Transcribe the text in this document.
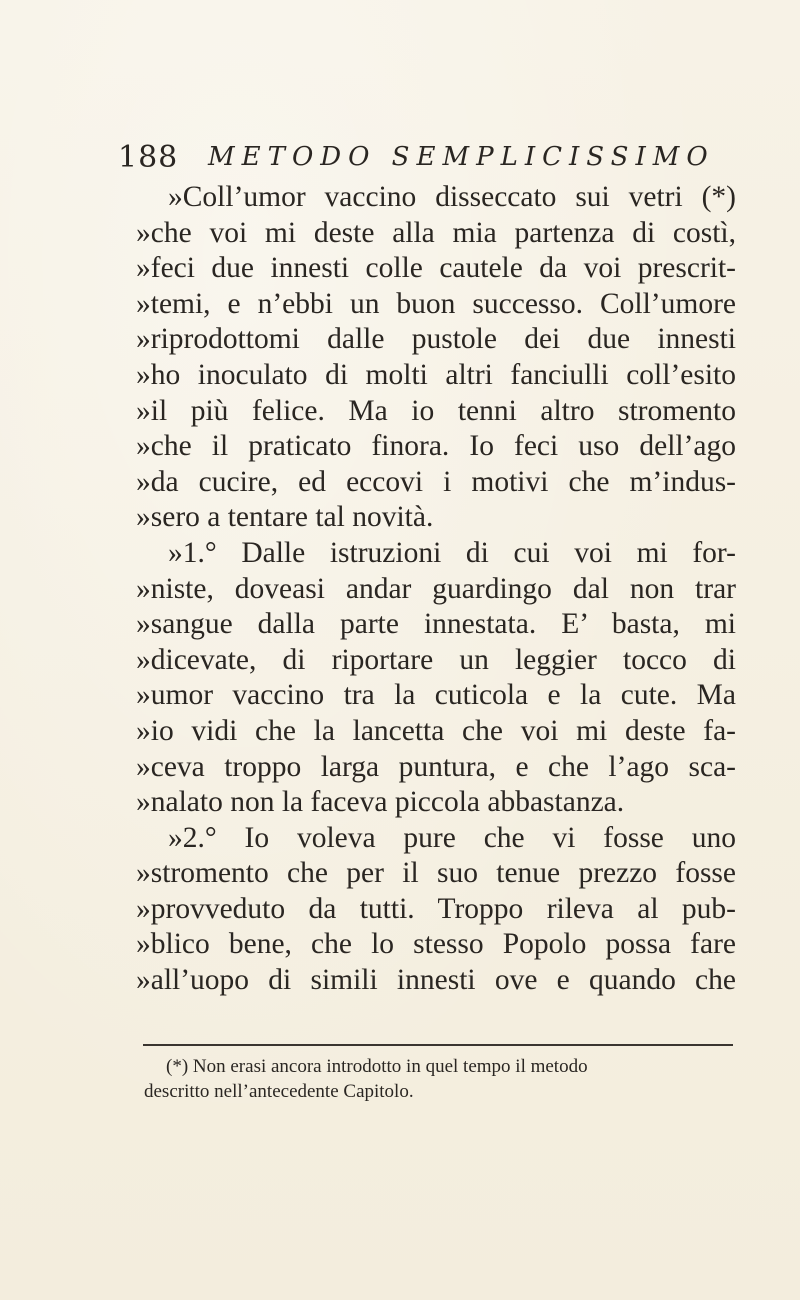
188 METODO SEMPLICISSIMO
»Coll’umor vaccino disseccato sui vetri (*)
»che voi mi deste alla mia partenza di costì,
»feci due innesti colle cautele da voi prescrit-
»temi, e n’ebbi un buon successo. Coll’umore
»riprodottomi dalle pustole dei due innesti
»ho inoculato di molti altri fanciulli coll’esito
»il più felice. Ma io tenni altro stromento
»che il praticato finora. Io feci uso dell’ago
»da cucire, ed eccovi i motivi che m’indus-
»sero a tentare tal novità.
»1.° Dalle istruzioni di cui voi mi for-
»niste, doveasi andar guardingo dal non trar
»sangue dalla parte innestata. E’ basta, mi
»dicevate, di riportare un leggier tocco di
»umor vaccino tra la cuticola e la cute. Ma
»io vidi che la lancetta che voi mi deste fa-
»ceva troppo larga puntura, e che l’ago sca-
»nalato non la faceva piccola abbastanza.
»2.° Io voleva pure che vi fosse uno
»stromento che per il suo tenue prezzo fosse
»provveduto da tutti. Troppo rileva al pub-
»blico bene, che lo stesso Popolo possa fare
»all’uopo di simili innesti ove e quando che
(*) Non erasi ancora introdotto in quel tempo il metodo
descritto nell’antecedente Capitolo.
